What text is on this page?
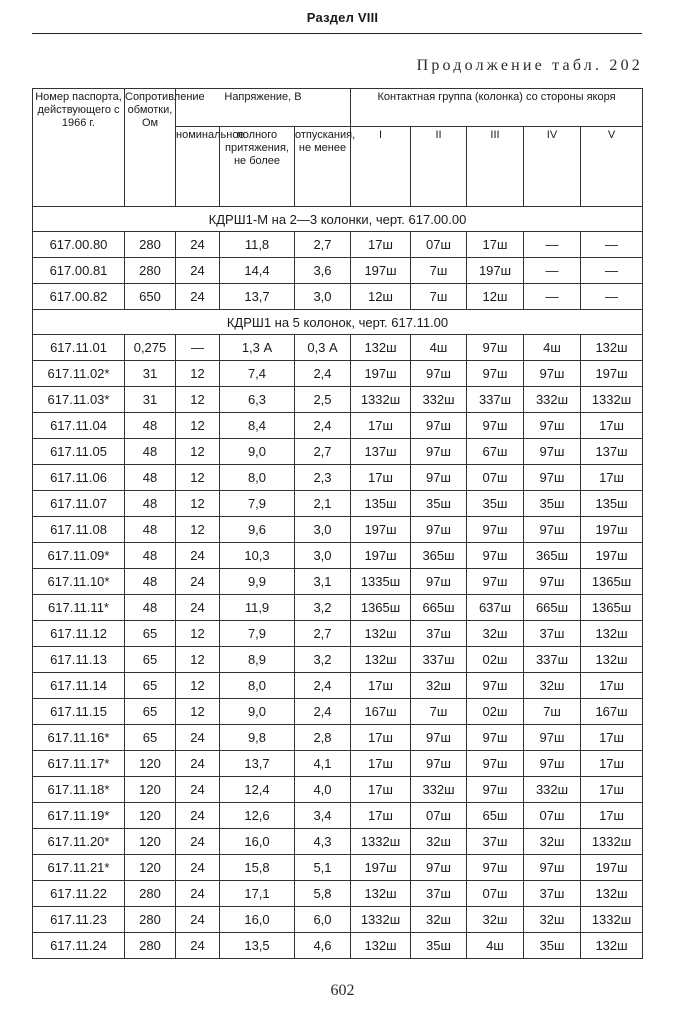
Раздел VIII
Продолжение табл. 202
Номер паспорта, действующего с 1966 г.	Сопротивление обмотки, Ом	Напряжение, В			Контактная группа (колонка) со стороны якоря				
		номинальное	полного притяжения, не более	отпускания, не менее	I	II	III	IV	V
КДРШ1-М на 2—3 колонки, черт. 617.00.00									
617.00.80	280	24	11,8	2,7	17ш	07ш	17ш	—	—
617.00.81	280	24	14,4	3,6	197ш	7ш	197ш	—	—
617.00.82	650	24	13,7	3,0	12ш	7ш	12ш	—	—
КДРШ1 на 5 колонок, черт. 617.11.00									
617.11.01	0,275	—	1,3 А	0,3 А	132ш	4ш	97ш	4ш	132ш
617.11.02*	31	12	7,4	2,4	197ш	97ш	97ш	97ш	197ш
617.11.03*	31	12	6,3	2,5	1332ш	332ш	337ш	332ш	1332ш
617.11.04	48	12	8,4	2,4	17ш	97ш	97ш	97ш	17ш
617.11.05	48	12	9,0	2,7	137ш	97ш	67ш	97ш	137ш
617.11.06	48	12	8,0	2,3	17ш	97ш	07ш	97ш	17ш
617.11.07	48	12	7,9	2,1	135ш	35ш	35ш	35ш	135ш
617.11.08	48	12	9,6	3,0	197ш	97ш	97ш	97ш	197ш
617.11.09*	48	24	10,3	3,0	197ш	365ш	97ш	365ш	197ш
617.11.10*	48	24	9,9	3,1	1335ш	97ш	97ш	97ш	1365ш
617.11.11*	48	24	11,9	3,2	1365ш	665ш	637ш	665ш	1365ш
617.11.12	65	12	7,9	2,7	132ш	37ш	32ш	37ш	132ш
617.11.13	65	12	8,9	3,2	132ш	337ш	02ш	337ш	132ш
617.11.14	65	12	8,0	2,4	17ш	32ш	97ш	32ш	17ш
617.11.15	65	12	9,0	2,4	167ш	7ш	02ш	7ш	167ш
617.11.16*	65	24	9,8	2,8	17ш	97ш	97ш	97ш	17ш
617.11.17*	120	24	13,7	4,1	17ш	97ш	97ш	97ш	17ш
617.11.18*	120	24	12,4	4,0	17ш	332ш	97ш	332ш	17ш
617.11.19*	120	24	12,6	3,4	17ш	07ш	65ш	07ш	17ш
617.11.20*	120	24	16,0	4,3	1332ш	32ш	37ш	32ш	1332ш
617.11.21*	120	24	15,8	5,1	197ш	97ш	97ш	97ш	197ш
617.11.22	280	24	17,1	5,8	132ш	37ш	07ш	37ш	132ш
617.11.23	280	24	16,0	6,0	1332ш	32ш	32ш	32ш	1332ш
617.11.24	280	24	13,5	4,6	132ш	35ш	4ш	35ш	132ш
602
